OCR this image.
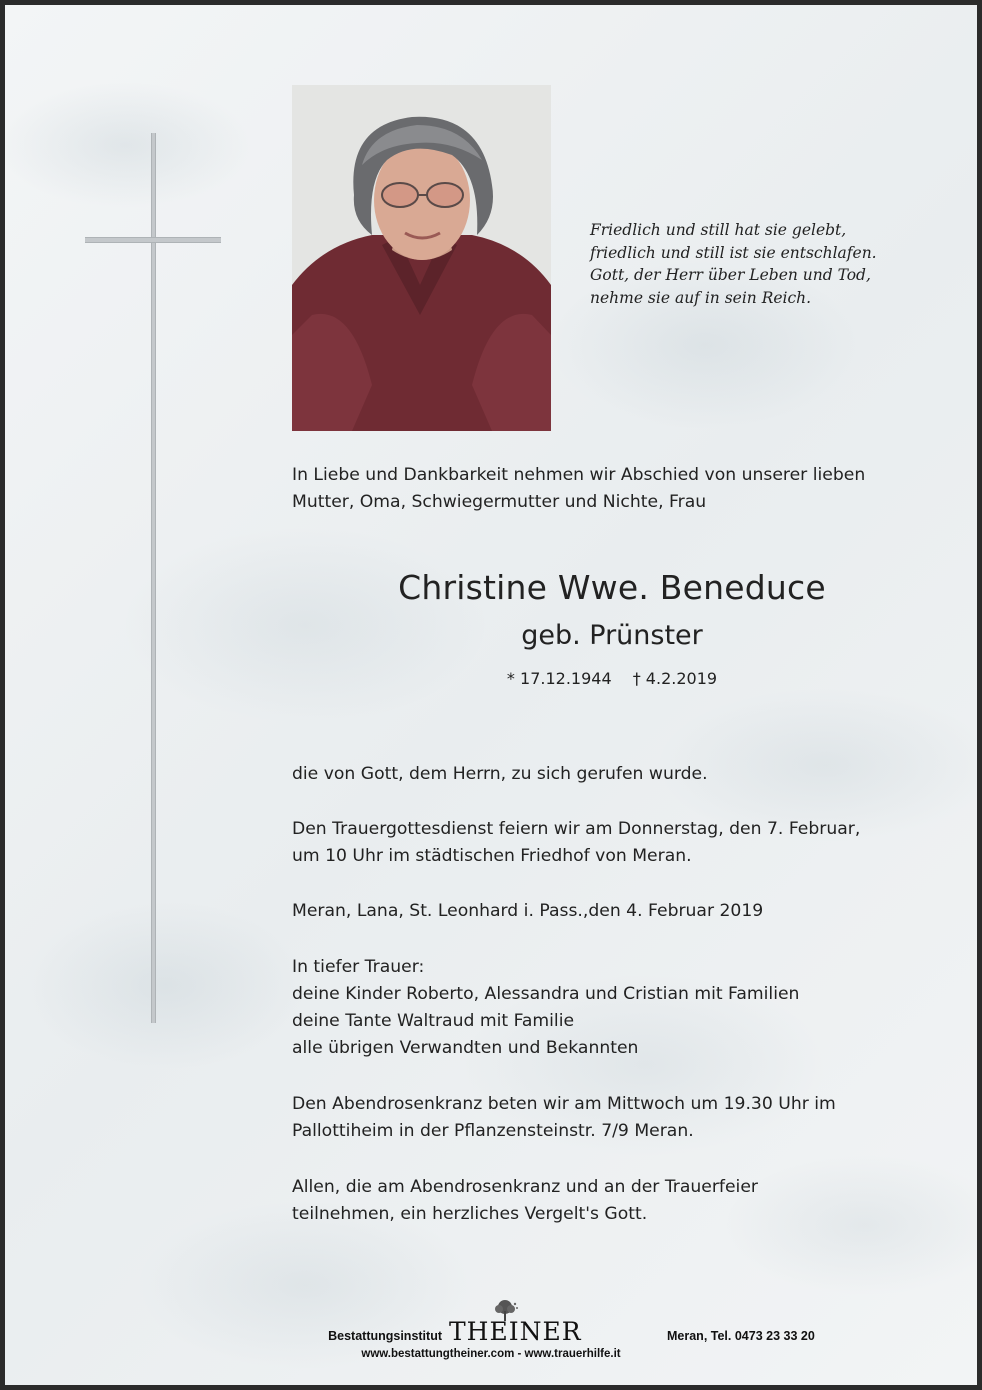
Friedlich und still hat sie gelebt,
friedlich und still ist sie entschlafen.
Gott, der Herr über Leben und Tod,
nehme sie auf in sein Reich.
In Liebe und Dankbarkeit nehmen wir Abschied von unserer lieben
Mutter, Oma, Schwiegermutter und Nichte, Frau
Christine Wwe. Beneduce
geb. Prünster
* 17.12.1944 † 4.2.2019
die von Gott, dem Herrn, zu sich gerufen wurde.
Den Trauergottesdienst feiern wir am Donnerstag, den 7. Februar,
um 10 Uhr im städtischen Friedhof von Meran.
Meran, Lana, St. Leonhard i. Pass.,den 4. Februar 2019
In tiefer Trauer:
deine Kinder Roberto, Alessandra und Cristian mit Familien
deine Tante Waltraud mit Familie
alle übrigen Verwandten und Bekannten
Den Abendrosenkranz beten wir am Mittwoch um 19.30 Uhr im
Pallottiheim in der Pflanzensteinstr. 7/9 Meran.
Allen, die am Abendrosenkranz und an der Trauerfeier
teilnehmen, ein herzliches Vergelt's Gott.
Bestattungsinstitut THEINER	Meran, Tel. 0473 23 33 20
www.bestattungtheiner.com - www.trauerhilfe.it
